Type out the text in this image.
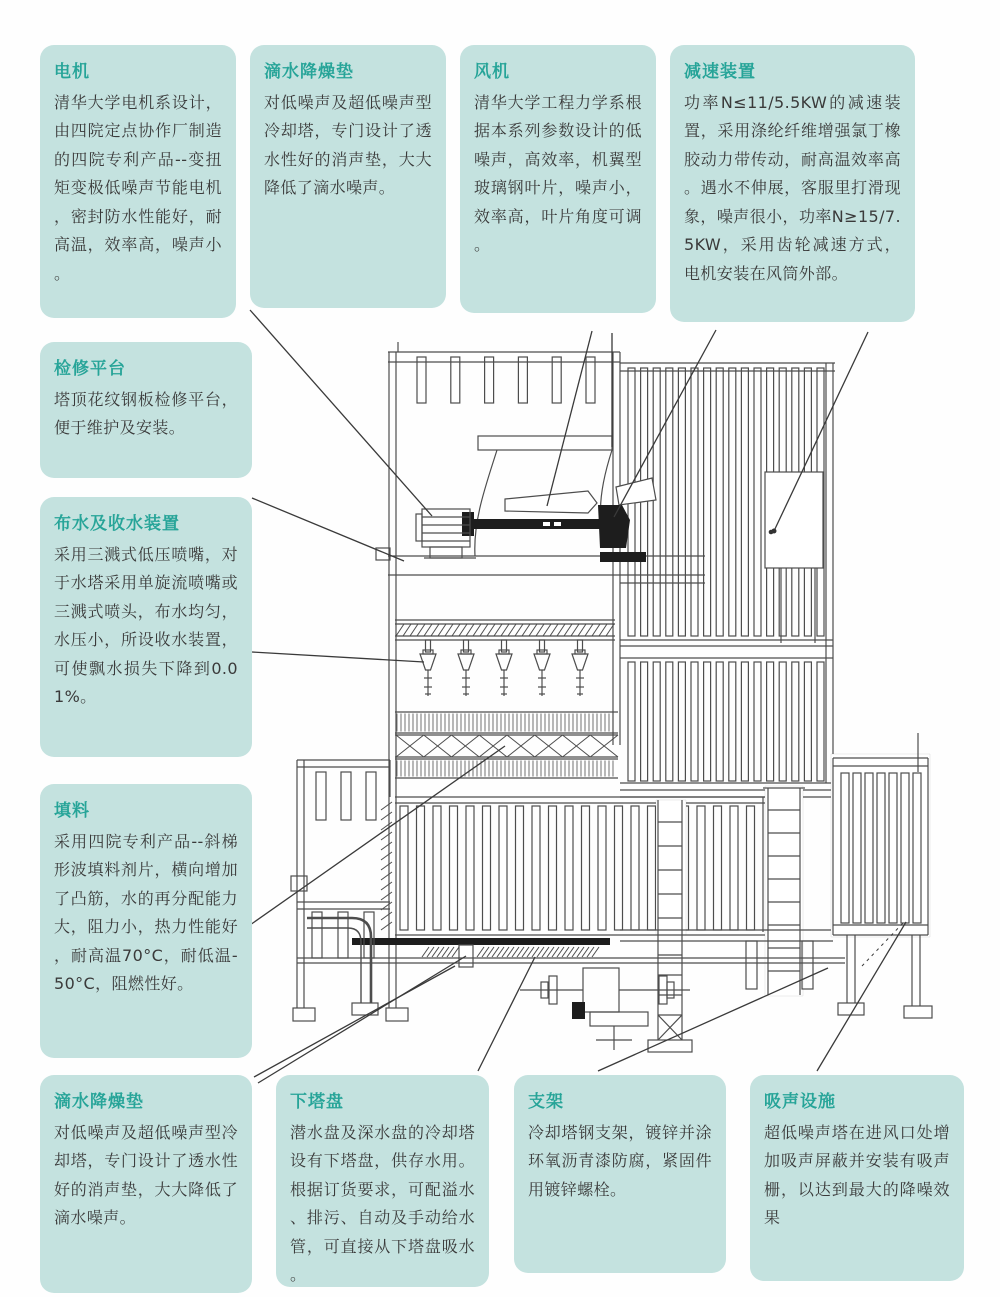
电机

清华大学电机系设计，由四院定点协作厂制造的四院专利产品--变扭矩变极低噪声节能电机，密封防水性能好，耐高温，效率高，噪声小。

滴水降燥垫

对低噪声及超低噪声型冷却塔，专门设计了透水性好的消声垫，大大降低了滴水噪声。

风机

清华大学工程力学系根据本系列参数设计的低噪声，高效率，机翼型玻璃钢叶片，噪声小，效率高，叶片角度可调。

减速装置

功率N≤11/5.5KW的减速装置，采用涤纶纤维增强氯丁橡胶动力带传动，耐高温效率高。遇水不伸展，客服里打滑现象，噪声很小，功率N≥15/7.5KW，采用齿轮减速方式，电机安装在风筒外部。

检修平台

塔顶花纹钢板检修平台，便于维护及安装。

布水及收水装置

采用三溅式低压喷嘴，对于水塔采用单旋流喷嘴或三溅式喷头，布水均匀，水压小，所设收水装置，可使飘水损失下降到0.01%。

填料

采用四院专利产品--斜梯形波填料剂片，横向增加了凸筋，水的再分配能力大，阻力小，热力性能好，耐高温70°C，耐低温-50°C，阻燃性好。

滴水降燥垫

对低噪声及超低噪声型冷却塔，专门设计了透水性好的消声垫，大大降低了滴水噪声。

下塔盘

潜水盘及深水盘的冷却塔设有下塔盘，供存水用。根据订货要求，可配溢水、排污、自动及手动给水管，可直接从下塔盘吸水。

支架

冷却塔钢支架，镀锌并涂环氧沥青漆防腐，紧固件用镀锌螺栓。

吸声设施

超低噪声塔在进风口处增加吸声屏蔽并安装有吸声栅，以达到最大的降噪效果
